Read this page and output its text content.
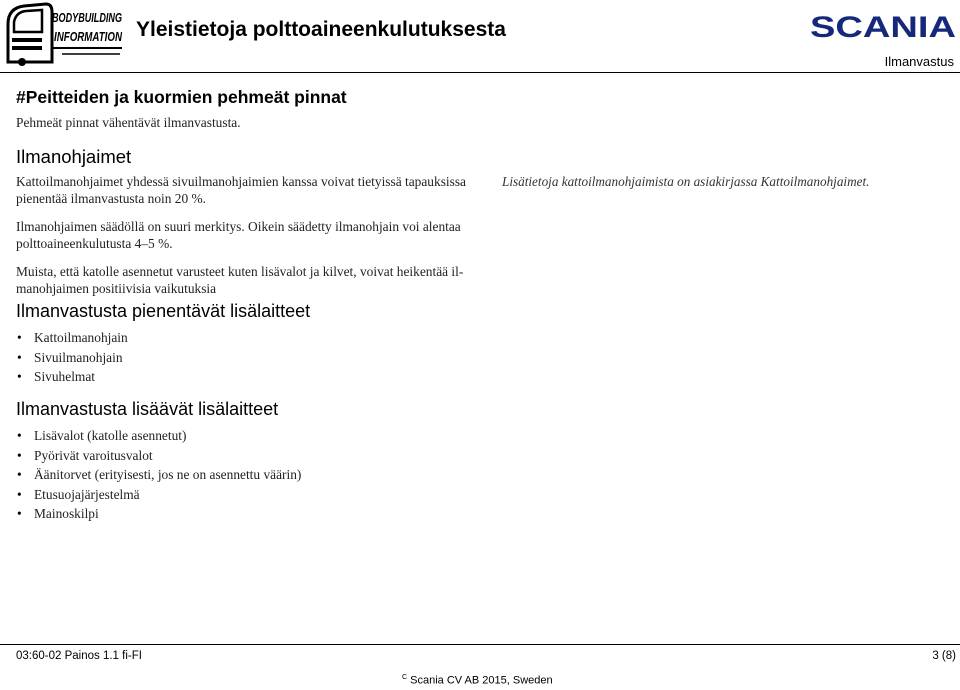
BODYBUILDING
INFORMATION Yleistietoja polttoaineenkulutuksesta	SCANIA
Ilmanvastus
#Peitteiden ja kuormien pehmeät pinnat

Pehmeät pinnat vähentävät ilmanvastusta.

Ilmanohjaimet

Kattoilmanohjaimet yhdessä sivuilmanohjaimien kanssa voivat tietyissä tapauksissa pienentää ilmanvastusta noin 20 %.

Ilmanohjaimen säädöllä on suuri merkitys. Oikein säädetty ilmanohjain voi alentaa polttoaineenkulutusta 4–5 %.

Muista, että katolle asennetut varusteet kuten lisävalot ja kilvet, voivat heikentää il-manohjaimen positiivisia vaikutuksia

Lisätietoja kattoilmanohjaimista on asiakirjassa Kattoilmanohjaimet.
Ilmanvastusta pienentävät lisälaitteet
• Kattoilmanohjain
• Sivuilmanohjain
• Sivuhelmat
Ilmanvastusta lisäävät lisälaitteet
• Lisävalot (katolle asennetut)
• Pyörivät varoitusvalot
• Äänitorvet (erityisesti, jos ne on asennettu väärin)
• Etusuojajärjestelmä
• Mainoskilpi
03:60-02 Painos 1.1 fi-FI	3 (8)
$^C$ Scania CV AB 2015, Sweden
